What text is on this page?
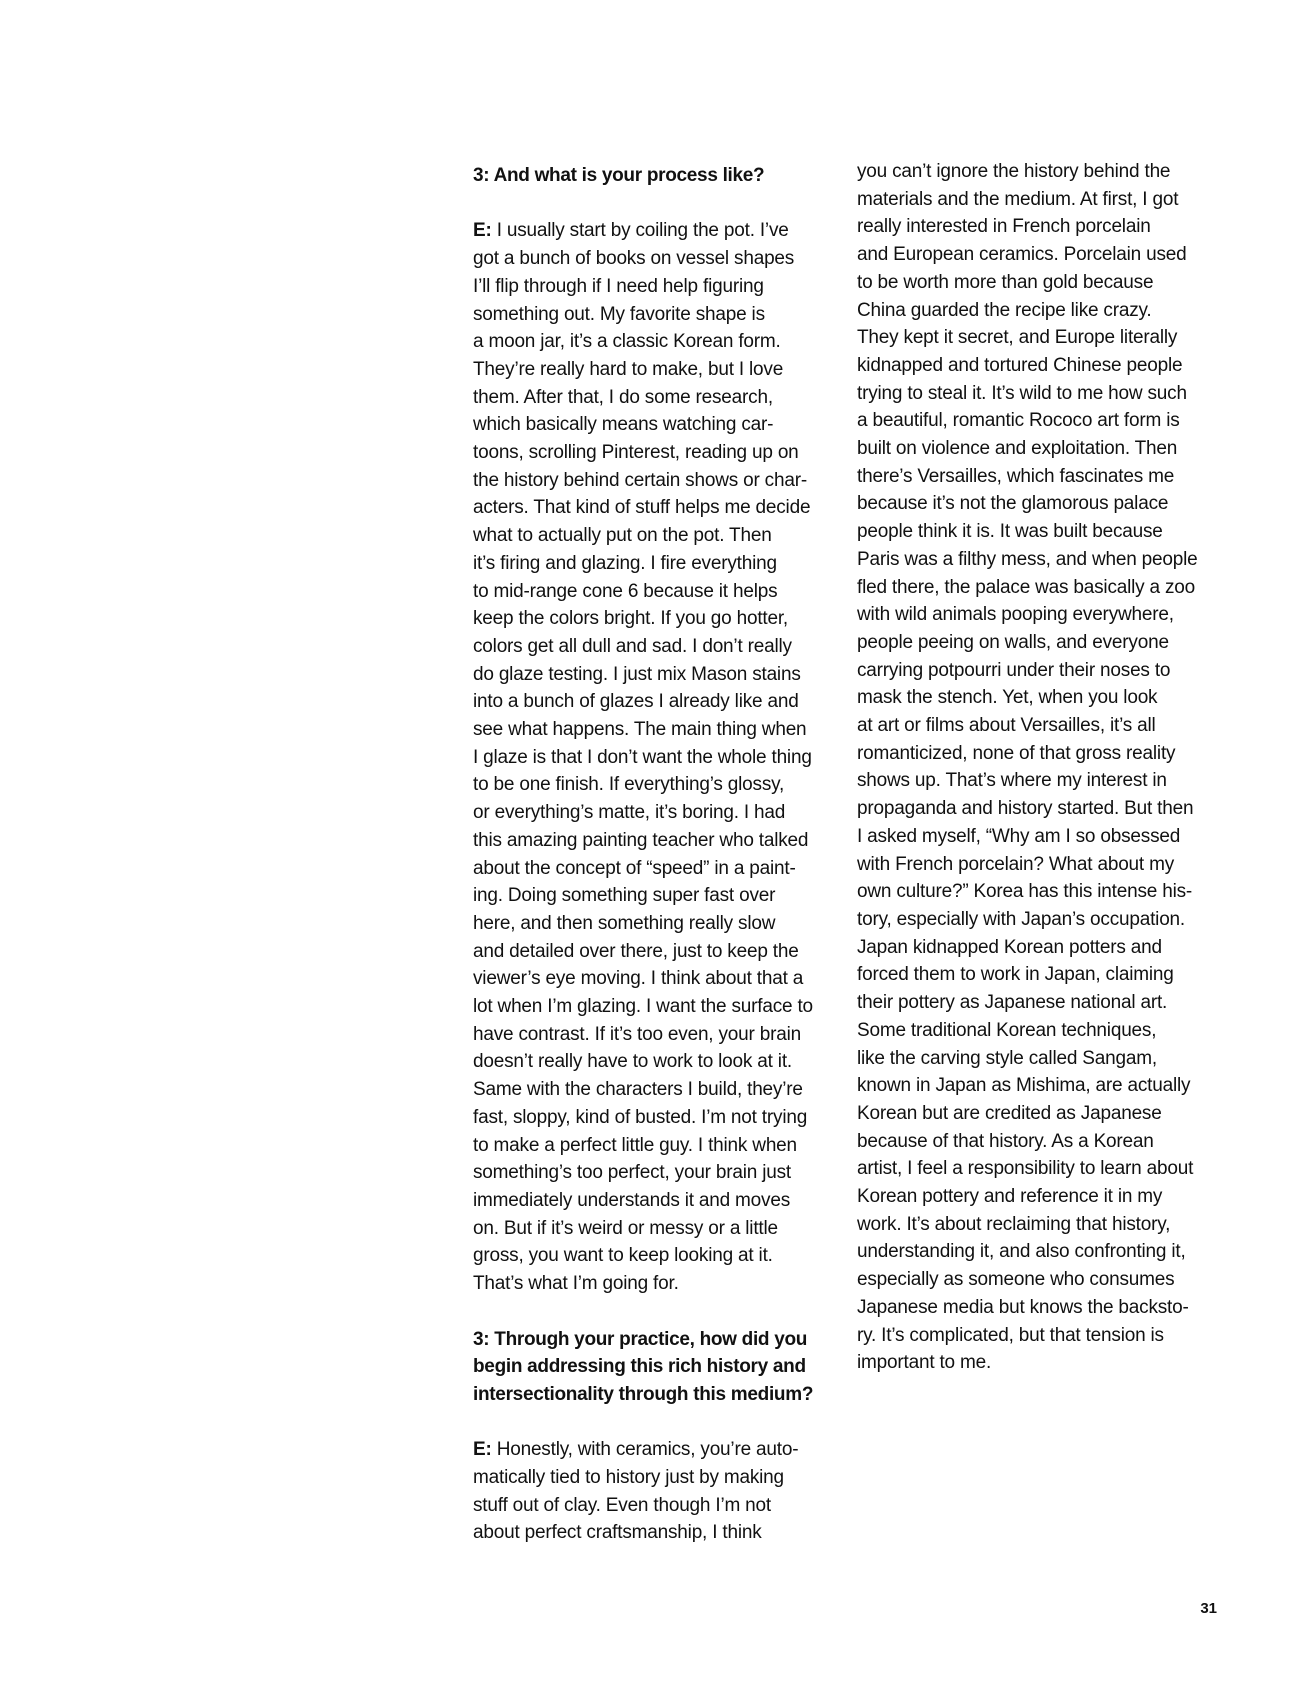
3: And what is your process like?

E: I usually start by coiling the pot. I’ve
got a bunch of books on vessel shapes
I’ll flip through if I need help figuring
something out. My favorite shape is
a moon jar, it’s a classic Korean form.
They’re really hard to make, but I love
them. After that, I do some research,
which basically means watching car-
toons, scrolling Pinterest, reading up on
the history behind certain shows or char-
acters. That kind of stuff helps me decide
what to actually put on the pot. Then
it’s firing and glazing. I fire everything
to mid-range cone 6 because it helps
keep the colors bright. If you go hotter,
colors get all dull and sad. I don’t really
do glaze testing. I just mix Mason stains
into a bunch of glazes I already like and
see what happens. The main thing when
I glaze is that I don’t want the whole thing
to be one finish. If everything’s glossy,
or everything’s matte, it’s boring. I had
this amazing painting teacher who talked
about the concept of “speed” in a paint-
ing. Doing something super fast over
here, and then something really slow
and detailed over there, just to keep the
viewer’s eye moving. I think about that a
lot when I’m glazing. I want the surface to
have contrast. If it’s too even, your brain
doesn’t really have to work to look at it.
Same with the characters I build, they’re
fast, sloppy, kind of busted. I’m not trying
to make a perfect little guy. I think when
something’s too perfect, your brain just
immediately understands it and moves
on. But if it’s weird or messy or a little
gross, you want to keep looking at it.
That’s what I’m going for.

3: Through your practice, how did you
begin addressing this rich history and
intersectionality through this medium?

E: Honestly, with ceramics, you’re auto-
matically tied to history just by making
stuff out of clay. Even though I’m not
about perfect craftsmanship, I think

you can’t ignore the history behind the
materials and the medium. At first, I got
really interested in French porcelain
and European ceramics. Porcelain used
to be worth more than gold because
China guarded the recipe like crazy.
They kept it secret, and Europe literally
kidnapped and tortured Chinese people
trying to steal it. It’s wild to me how such
a beautiful, romantic Rococo art form is
built on violence and exploitation. Then
there’s Versailles, which fascinates me
because it’s not the glamorous palace
people think it is. It was built because
Paris was a filthy mess, and when people
fled there, the palace was basically a zoo
with wild animals pooping everywhere,
people peeing on walls, and everyone
carrying potpourri under their noses to
mask the stench. Yet, when you look
at art or films about Versailles, it’s all
romanticized, none of that gross reality
shows up. That’s where my interest in
propaganda and history started. But then
I asked myself, “Why am I so obsessed
with French porcelain? What about my
own culture?” Korea has this intense his-
tory, especially with Japan’s occupation.
Japan kidnapped Korean potters and
forced them to work in Japan, claiming
their pottery as Japanese national art.
Some traditional Korean techniques,
like the carving style called Sangam,
known in Japan as Mishima, are actually
Korean but are credited as Japanese
because of that history. As a Korean
artist, I feel a responsibility to learn about
Korean pottery and reference it in my
work. It’s about reclaiming that history,
understanding it, and also confronting it,
especially as someone who consumes
Japanese media but knows the backsto-
ry. It’s complicated, but that tension is
important to me.
31
